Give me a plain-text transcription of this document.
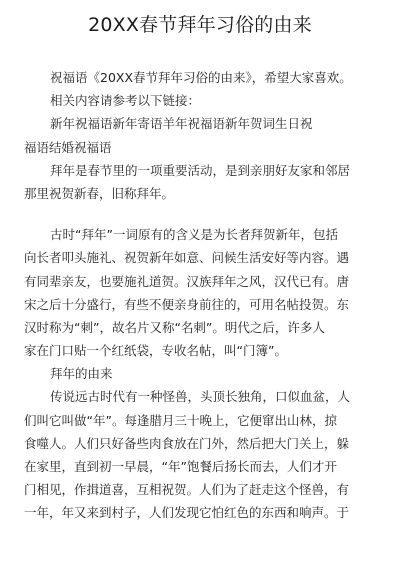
20XX春节拜年习俗的由来

祝福语《20XX春节拜年习俗的由来》，希望大家喜欢。

相关内容请参考以下链接：

新年祝福语新年寄语羊年祝福语新年贺词生日祝

福语结婚祝福语

拜年是春节里的一项重要活动，是到亲朋好友家和邻居

那里祝贺新春，旧称拜年。

古时“拜年”一词原有的含义是为长者拜贺新年，包括

向长者叩头施礼、祝贺新年如意、问候生活安好等内容。遇

有同辈亲友，也要施礼道贺。汉族拜年之风，汉代已有。唐

宋之后十分盛行，有些不便亲身前往的，可用名帖投贺。东

汉时称为“刺”，故名片又称“名刺”。明代之后，许多人

家在门口贴一个红纸袋，专收名帖，叫“门簿”。

拜年的由来

传说远古时代有一种怪兽，头顶长独角，口似血盆，人

们叫它叫做“年”。每逢腊月三十晚上，它便窜出山林，掠

食噬人。人们只好备些肉食放在门外，然后把大门关上，躲

在家里，直到初一早晨，“年”饱餐后扬长而去，人们才开

门相见，作揖道喜，互相祝贺。人们为了赶走这个怪兽，有

一年，年又来到村子，人们发现它怕红色的东西和响声。于
